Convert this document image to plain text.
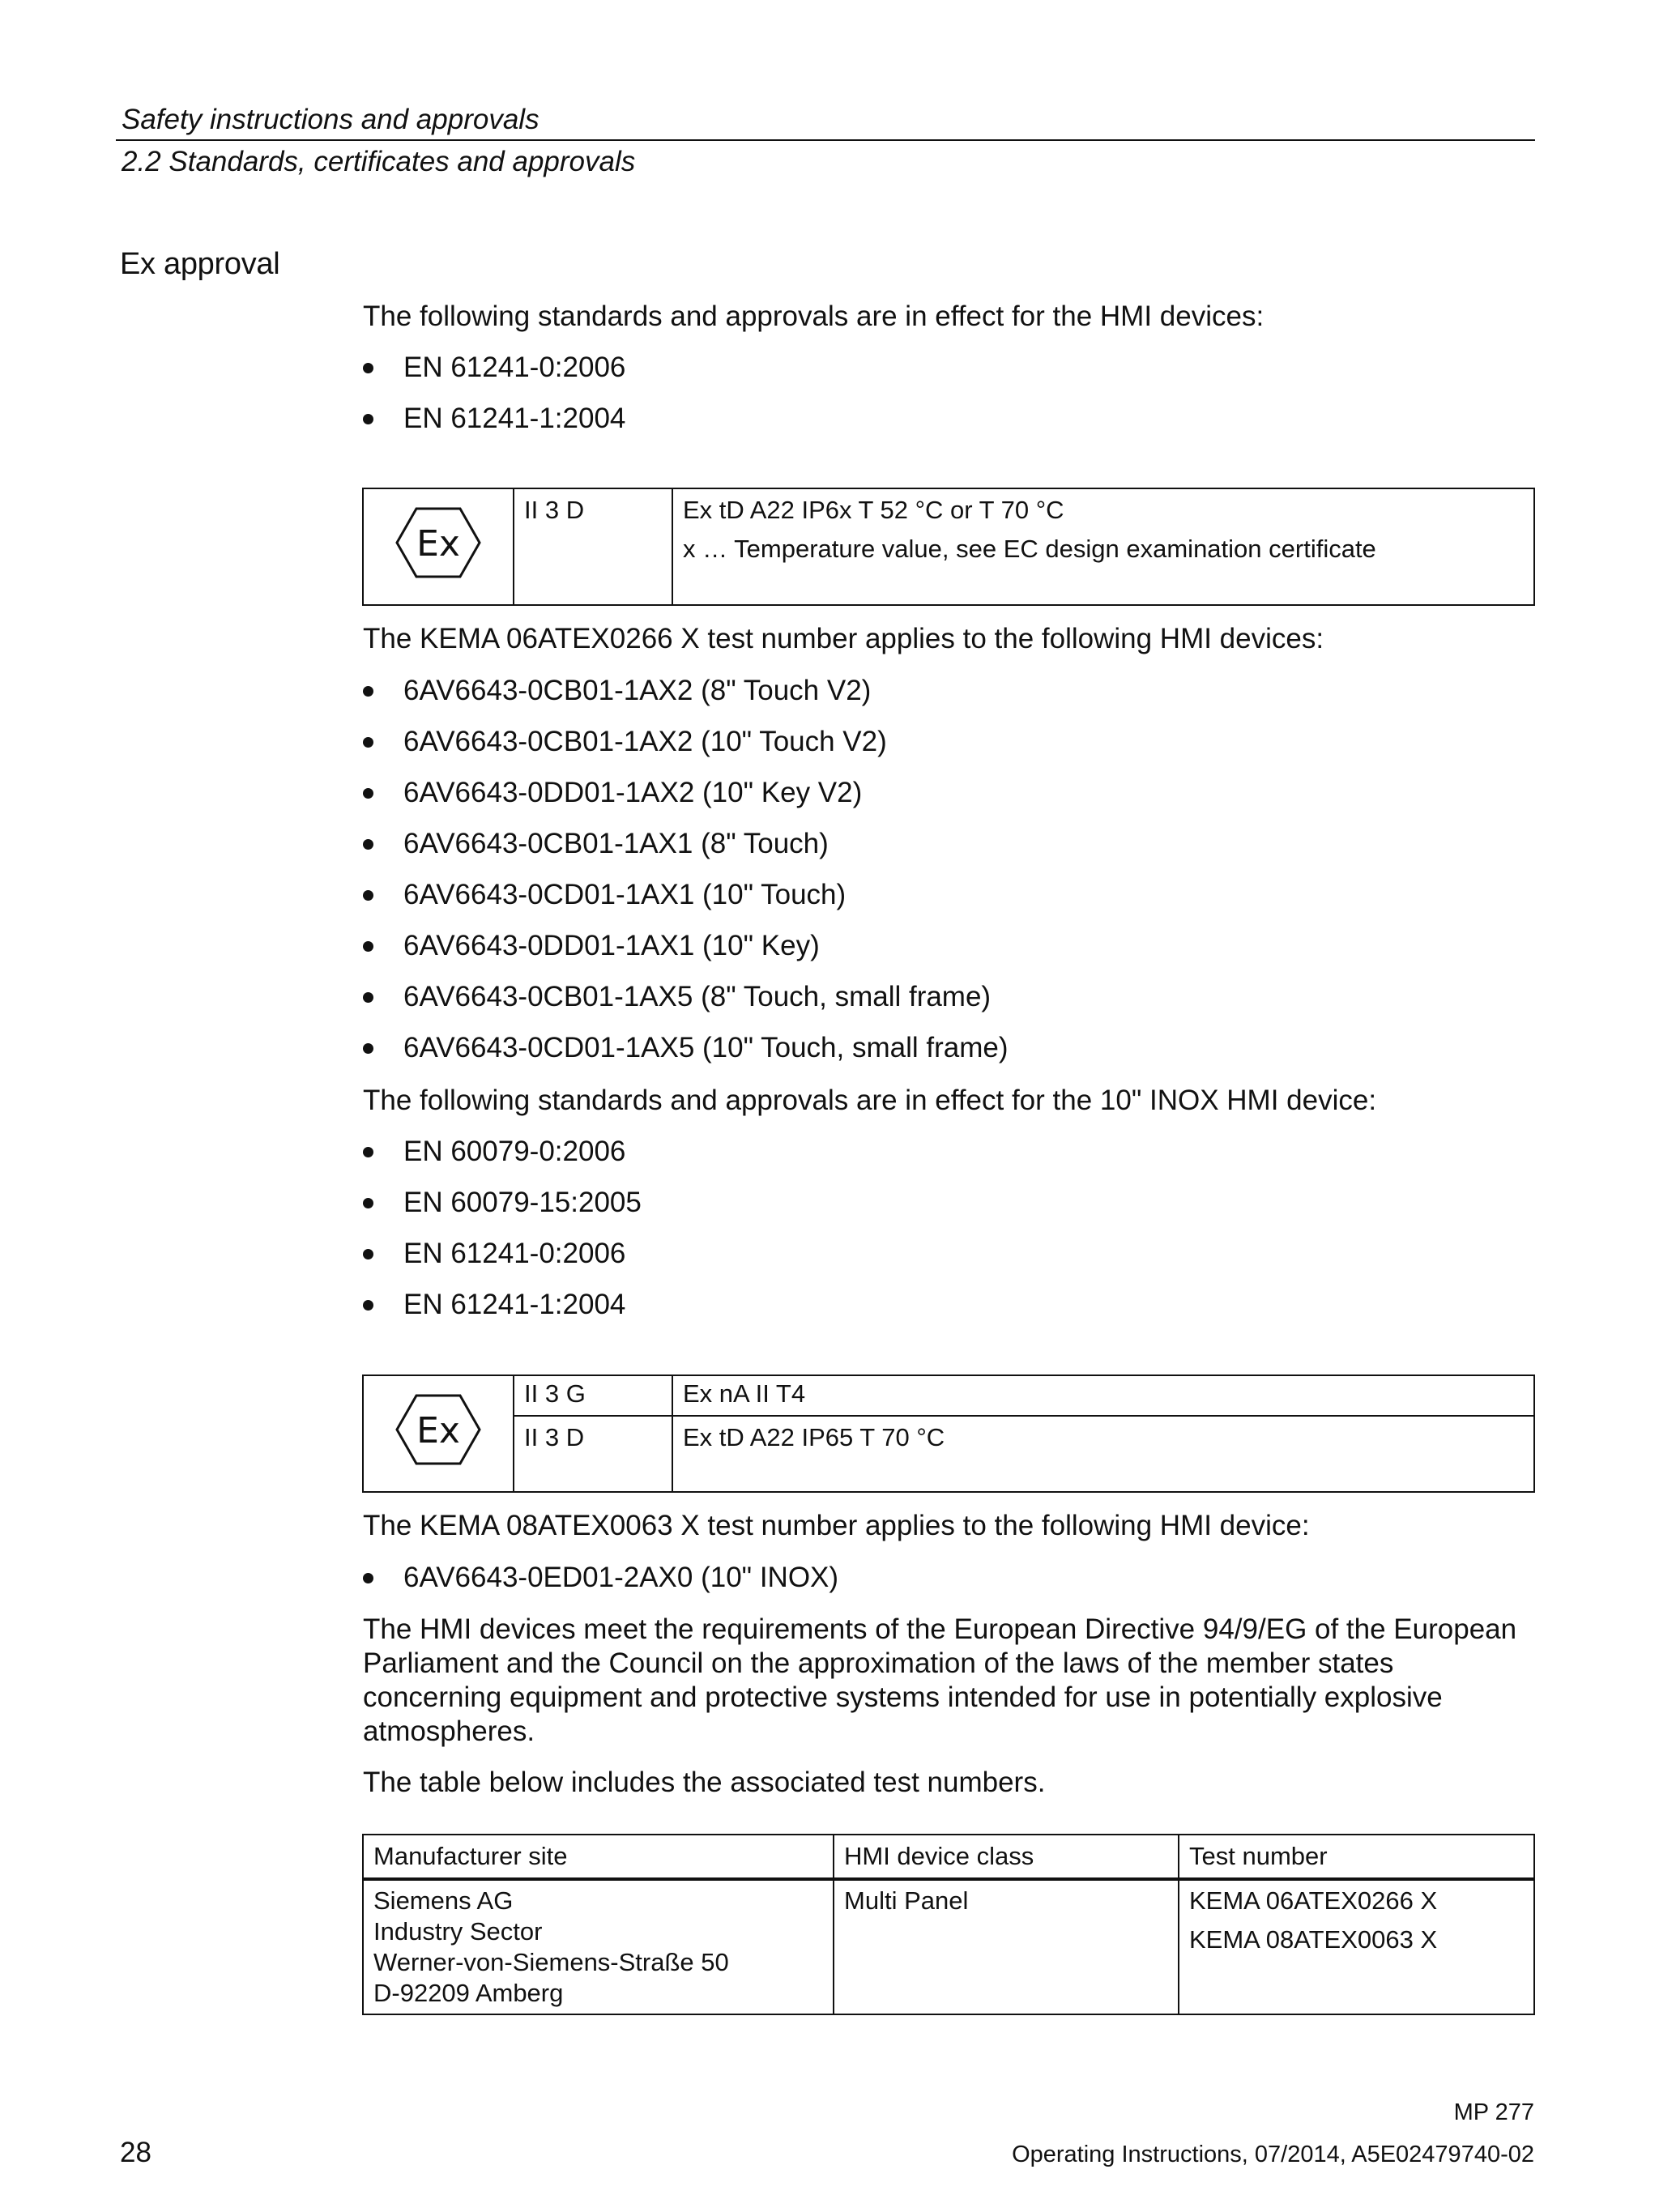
Safety instructions and approvals
2.2 Standards, certificates and approvals
Ex approval
The following standards and approvals are in effect for the HMI devices:
EN 61241-0:2006
EN 61241-1:2004
Ex
	II 3 D	Ex tD A22 IP6x T 52 °C or T 70 °C
x … Temperature value, see EC design examination certificate
The KEMA 06ATEX0266 X test number applies to the following HMI devices:
6AV6643-0CB01-1AX2 (8" Touch V2)
6AV6643-0CB01-1AX2 (10" Touch V2)
6AV6643-0DD01-1AX2 (10" Key V2)
6AV6643-0CB01-1AX1 (8" Touch)
6AV6643-0CD01-1AX1 (10" Touch)
6AV6643-0DD01-1AX1 (10" Key)
6AV6643-0CB01-1AX5 (8" Touch, small frame)
6AV6643-0CD01-1AX5 (10" Touch, small frame)
The following standards and approvals are in effect for the 10" INOX HMI device:
EN 60079-0:2006
EN 60079-15:2005
EN 61241-0:2006
EN 61241-1:2004
Ex	II 3 G	Ex nA II T4
	II 3 D	Ex tD A22 IP65 T 70 °C
The KEMA 08ATEX0063 X test number applies to the following HMI device:
6AV6643-0ED01-2AX0 (10" INOX)
The HMI devices meet the requirements of the European Directive 94/9/EG of the European Parliament and the Council on the approximation of the laws of the member states concerning equipment and protective systems intended for use in potentially explosive atmospheres.
The table below includes the associated test numbers.
Manufacturer site	HMI device class	Test number

Siemens AG
Industry Sector
Werner-von-Siemens-Straße 50
D-92209 Amberg	Multi Panel	KEMA 06ATEX0266 X
KEMA 08ATEX0063 X
MP 277
28	Operating Instructions, 07/2014, A5E02479740-02
